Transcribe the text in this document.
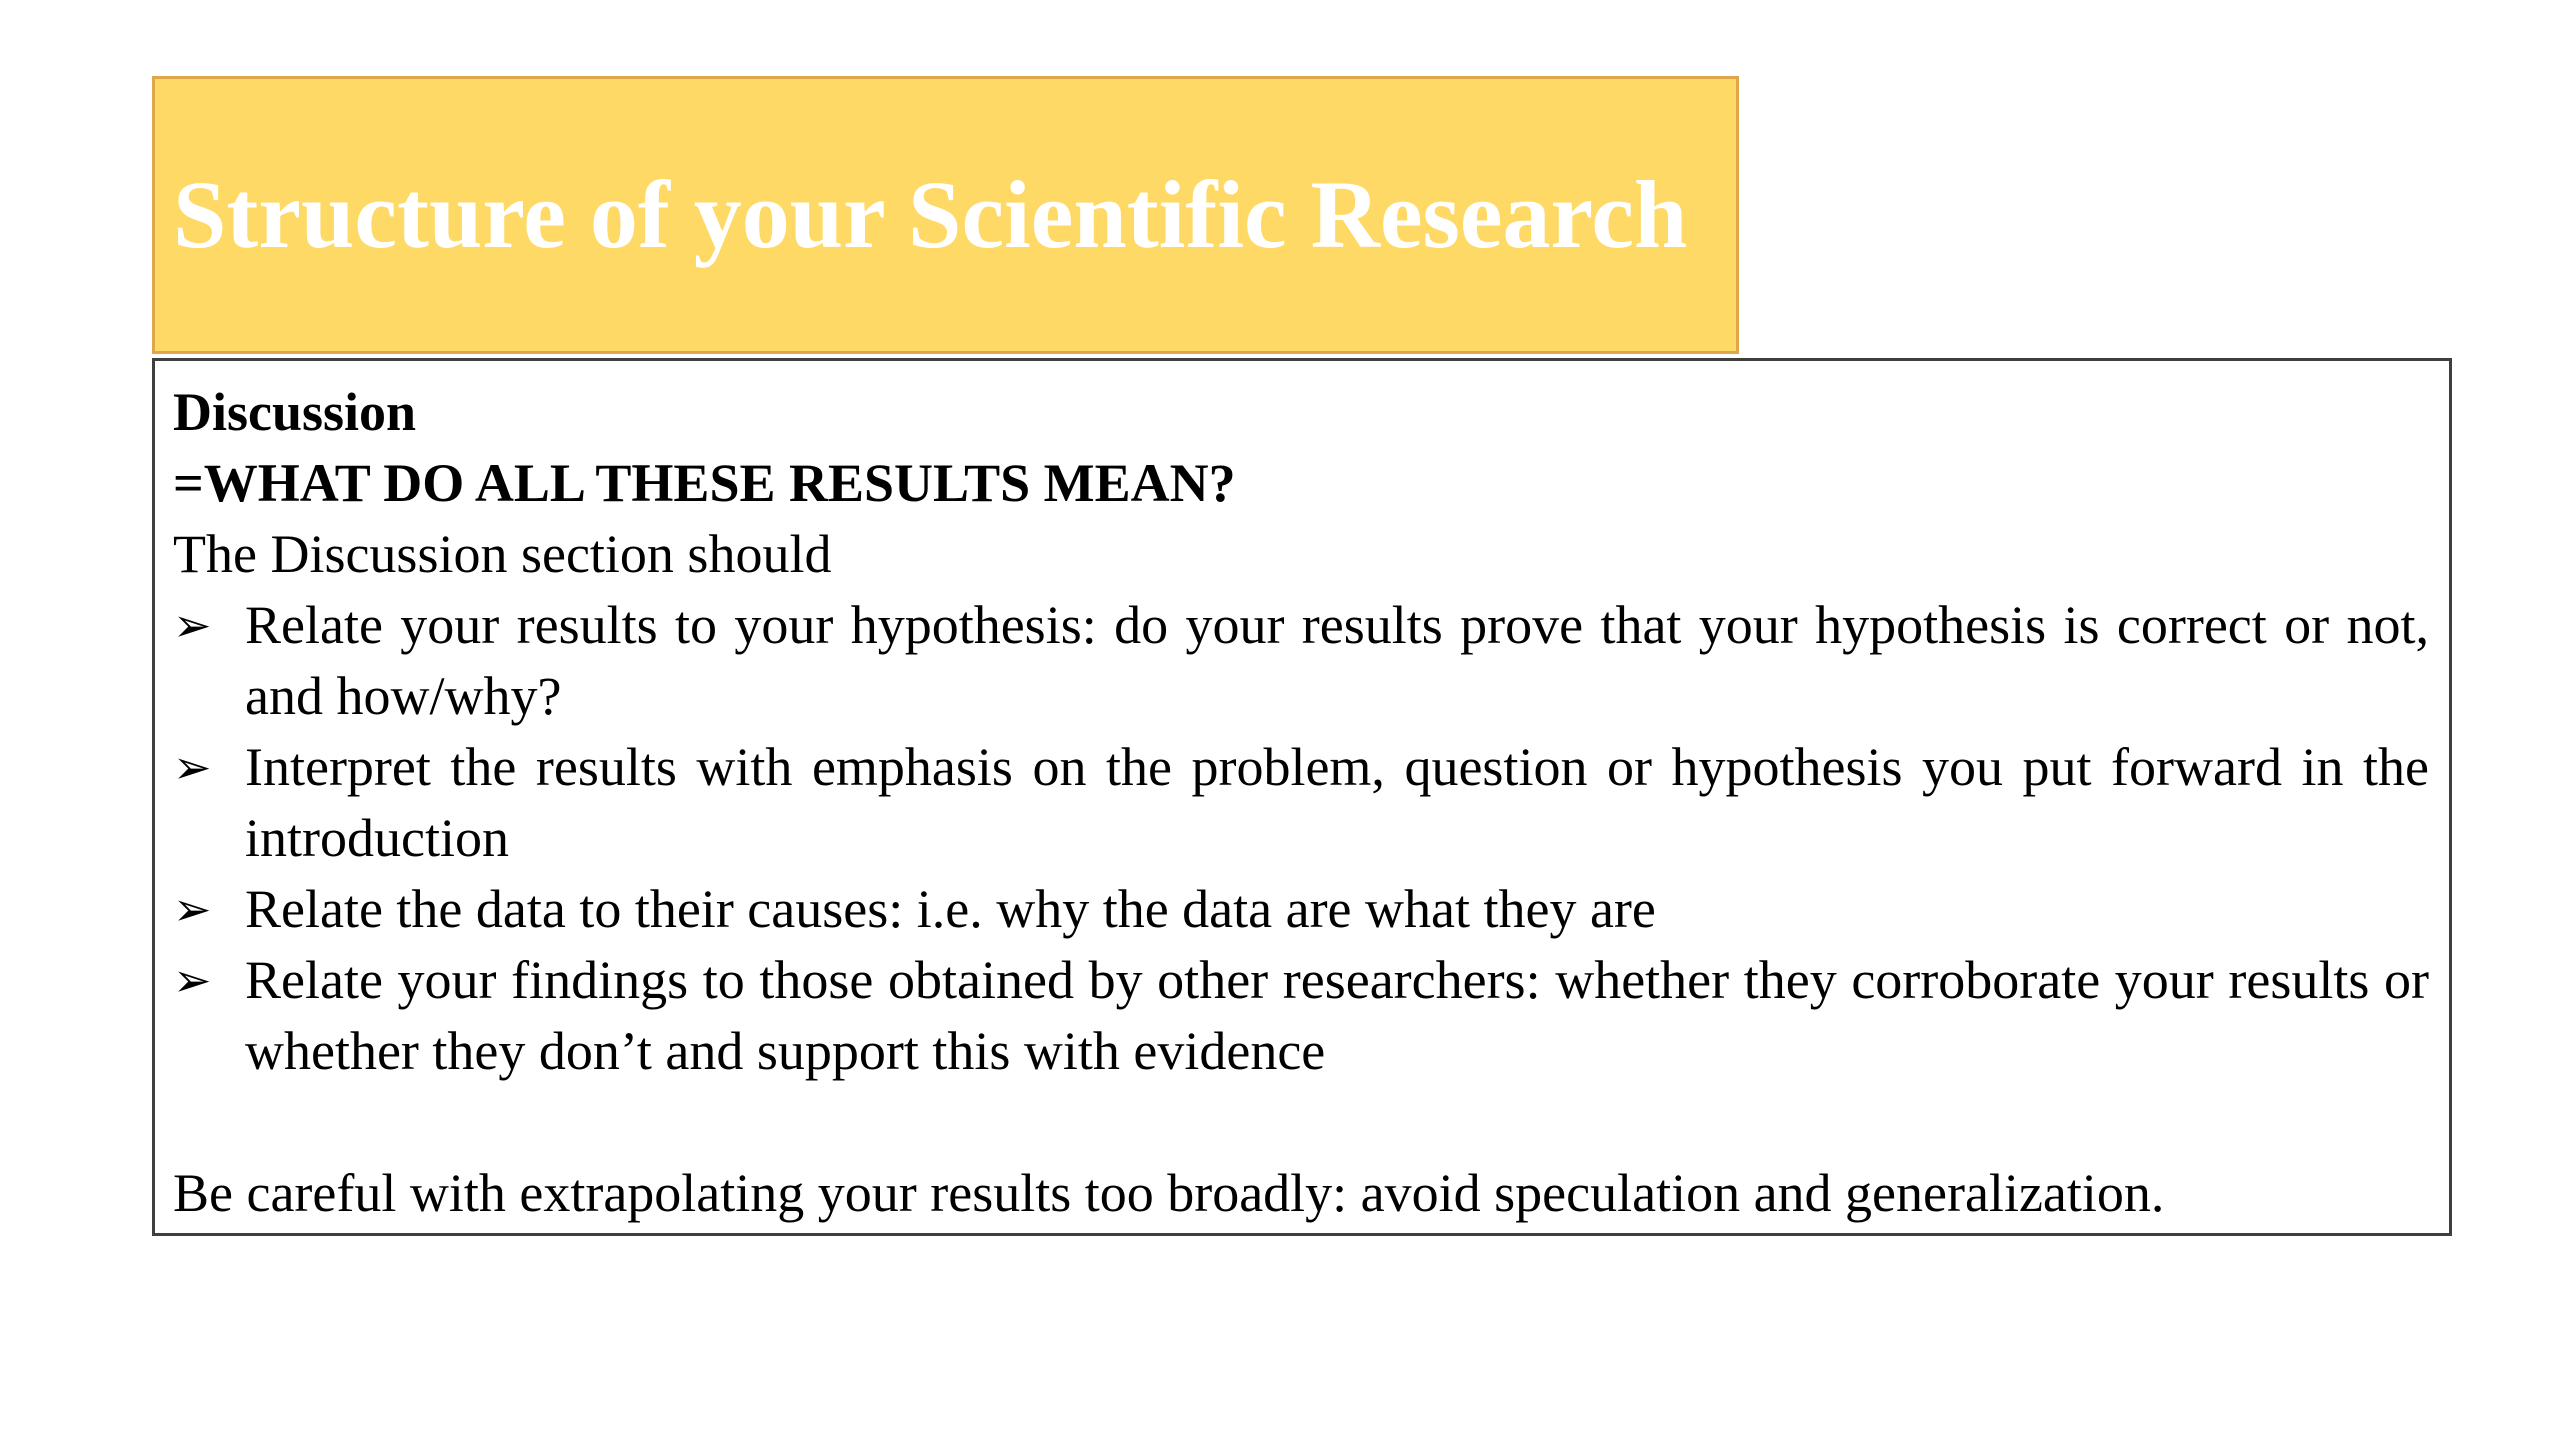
Structure of your Scientific Research

Discussion

=WHAT DO ALL THESE RESULTS MEAN?

The Discussion section should

➢ Relate your results to your hypothesis: do your results prove that your hypothesis is correct or not, and how/why?
➢ Interpret the results with emphasis on the problem, question or hypothesis you put forward in the introduction
➢ Relate the data to their causes: i.e. why the data are what they are
➢ Relate your findings to those obtained by other researchers: whether they corroborate your results or whether they don’t and support this with evidence

Be careful with extrapolating your results too broadly: avoid speculation and generalization.
